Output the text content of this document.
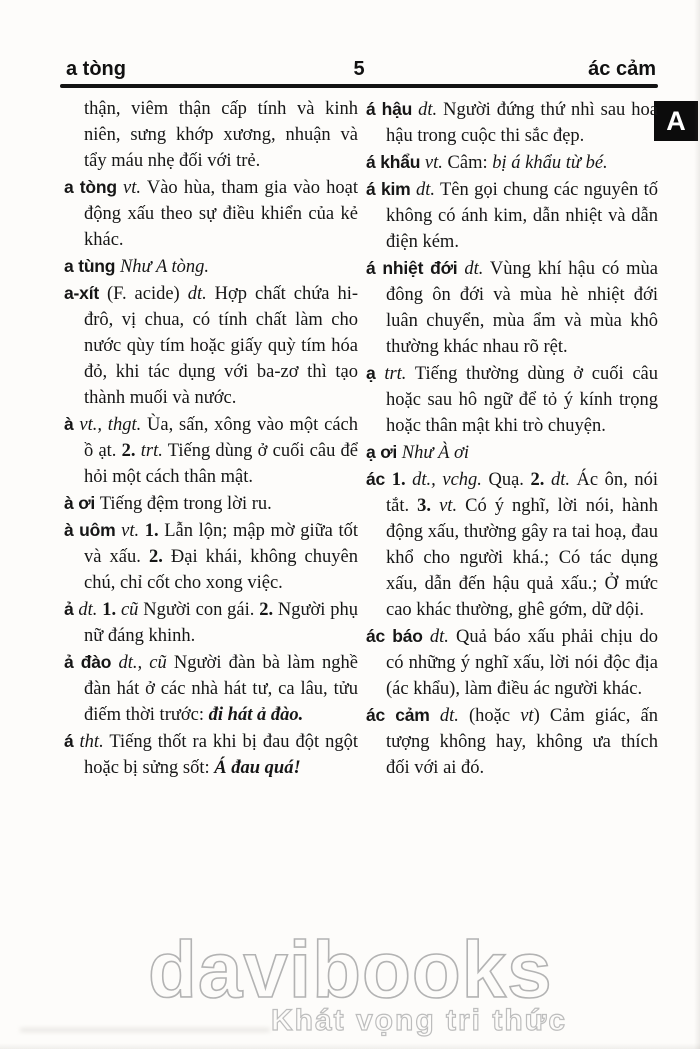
a tòng	5	ác cảm
A

thận, viêm thận cấp tính và kinh niên, sưng khớp xương, nhuận và tẩy máu nhẹ đối với trẻ.

a tòng vt. Vào hùa, tham gia vào hoạt động xấu theo sự điều khiển của kẻ khác.

a tùng Như A tòng.

a-xít (F. acide) dt. Hợp chất chứa hi-đrô, vị chua, có tính chất làm cho nước qùy tím hoặc giấy quỳ tím hóa đỏ, khi tác dụng với ba-zơ thì tạo thành muối và nước.

à vt., thgt. Ùa, sấn, xông vào một cách ồ ạt. 2. trt. Tiếng dùng ở cuối câu để hỏi một cách thân mật.

à ơi Tiếng đệm trong lời ru.

à uôm vt. 1. Lẫn lộn; mập mờ giữa tốt và xấu. 2. Đại khái, không chuyên chú, chỉ cốt cho xong việc.

ả dt. 1. cũ Người con gái. 2. Người phụ nữ đáng khinh.

ả đào dt., cũ Người đàn bà làm nghề đàn hát ở các nhà hát tư, ca lâu, tửu điếm thời trước: đi hát ả đào.

á tht. Tiếng thốt ra khi bị đau đột ngột hoặc bị sửng sốt: Á đau quá!

á hậu dt. Người đứng thứ nhì sau hoa hậu trong cuộc thi sắc đẹp.

á khẩu vt. Câm: bị á khẩu từ bé.

á kim dt. Tên gọi chung các nguyên tố không có ánh kim, dẫn nhiệt và dẫn điện kém.

á nhiệt đới dt. Vùng khí hậu có mùa đông ôn đới và mùa hè nhiệt đới luân chuyển, mùa ẩm và mùa khô thường khác nhau rõ rệt.

ạ trt. Tiếng thường dùng ở cuối câu hoặc sau hô ngữ để tỏ ý kính trọng hoặc thân mật khi trò chuyện.

ạ ơi Như À ơi

ác 1. dt., vchg. Quạ. 2. dt. Ác ôn, nói tắt. 3. vt. Có ý nghĩ, lời nói, hành động xấu, thường gây ra tai hoạ, đau khổ cho người khá.; Có tác dụng xấu, dẫn đến hậu quả xấu.; Ở mức cao khác thường, ghê gớm, dữ dội.

ác báo dt. Quả báo xấu phải chịu do có những ý nghĩ xấu, lời nói độc địa (ác khẩu), làm điều ác người khác.

ác cảm dt. (hoặc vt) Cảm giác, ấn tượng không hay, không ưa thích đối với ai đó.

davibooks
Khát vọng tri thức
